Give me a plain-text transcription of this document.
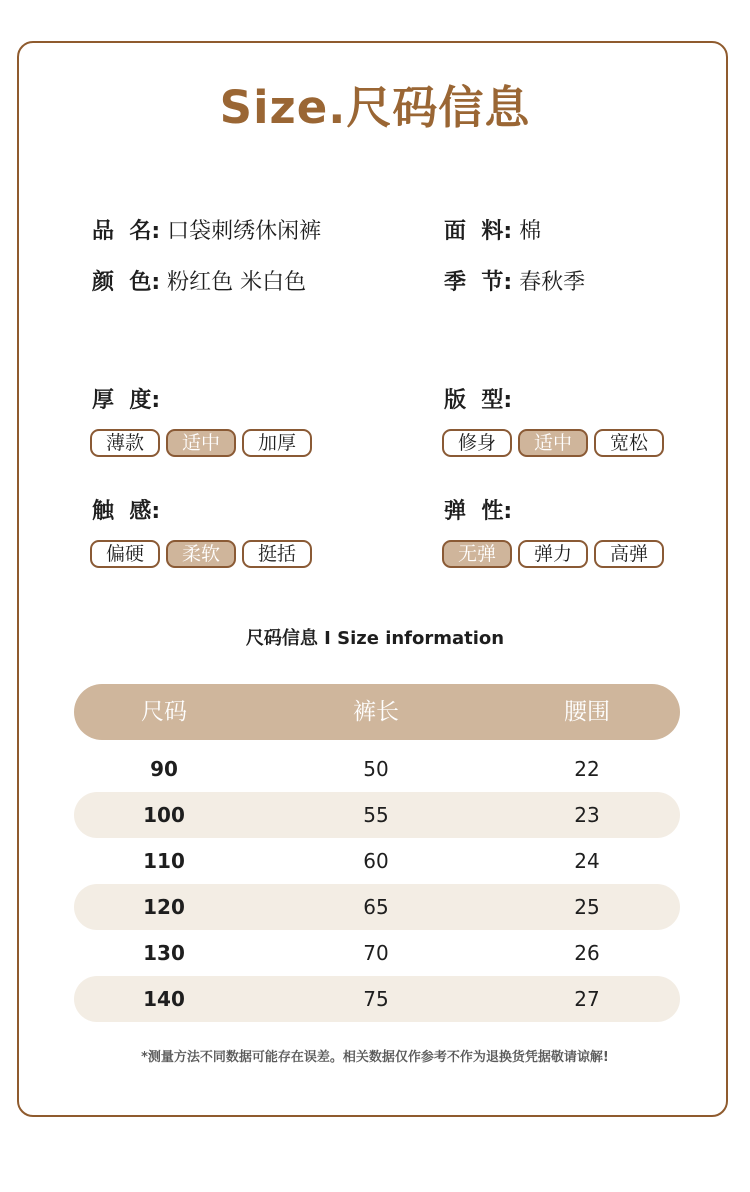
Size.尺码信息
品  名: 口袋刺绣休闲裤	面  料: 棉
颜  色: 粉红色 米白色	季  节: 春秋季
厚  度:
薄款	适中	加厚
版  型:
修身	适中	宽松
触  感:
偏硬	柔软	挺括
弹  性:
无弹	弹力	高弹
尺码信息 I Size information
尺码	裤长	腰围
90	50	22
100	55	23
110	60	24
120	65	25
130	70	26
140	75	27
*测量方法不同数据可能存在误差。相关数据仅作参考不作为退换货凭据敬请谅解!
